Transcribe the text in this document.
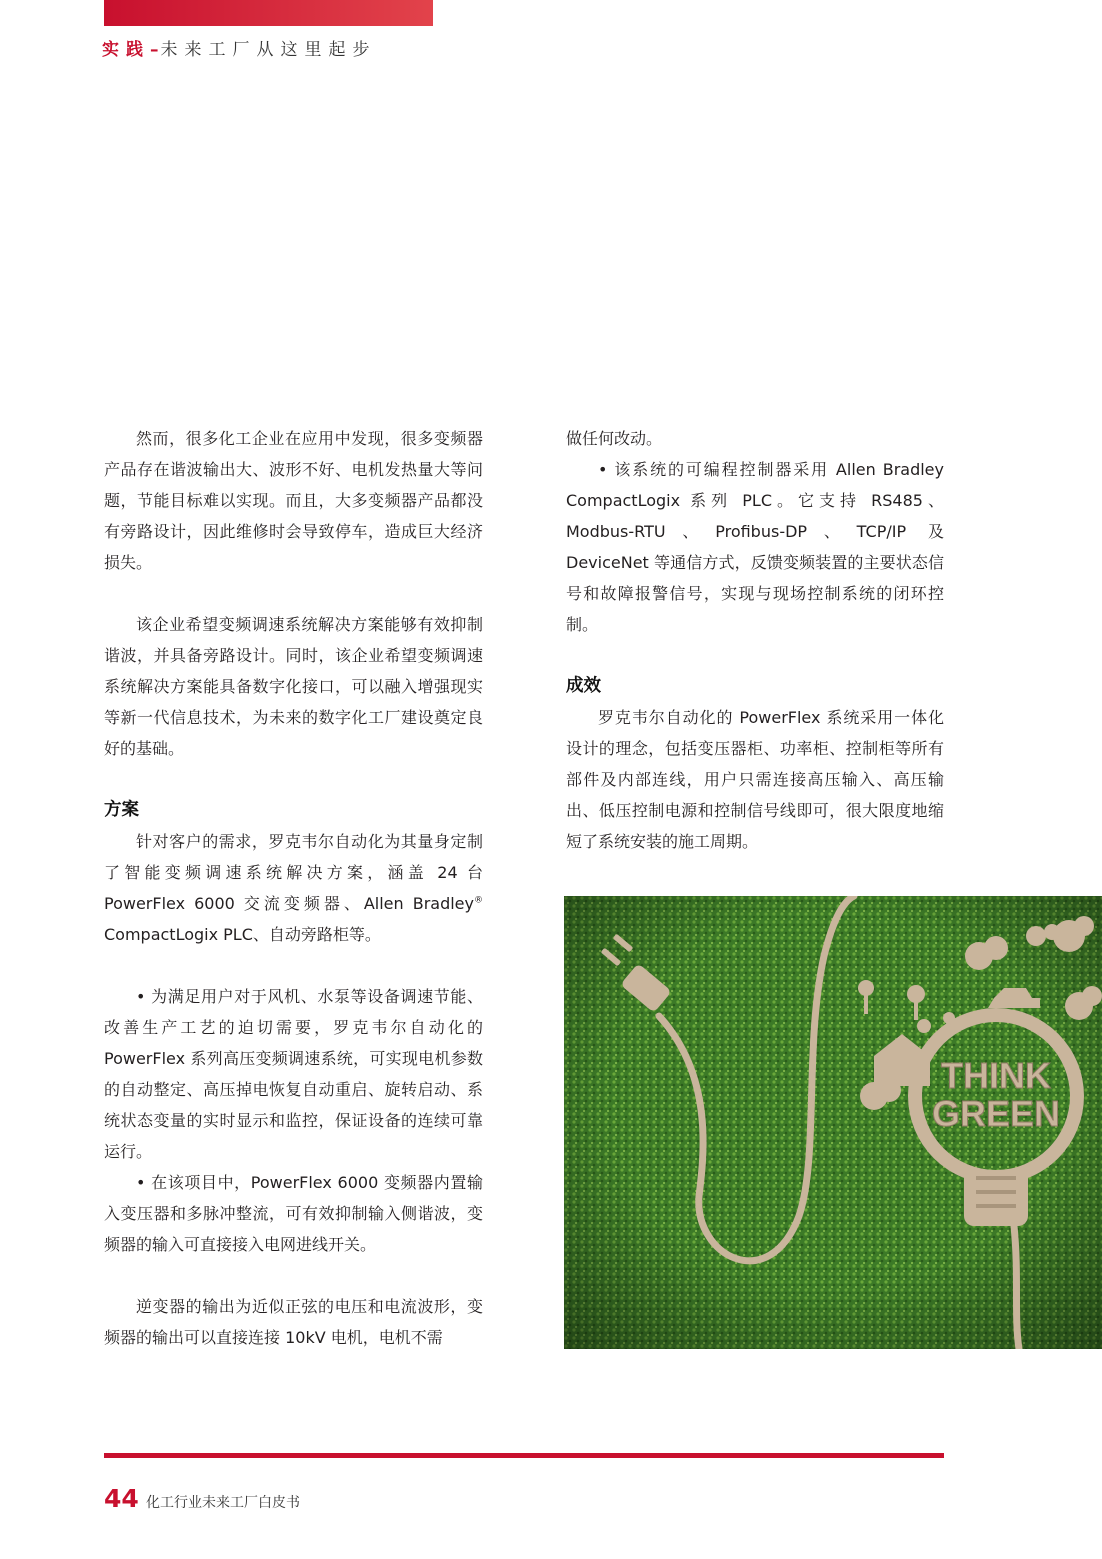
实践–未来工厂从这里起步

然而，很多化工企业在应用中发现，很多变频器产品存在谐波输出大、波形不好、电机发热量大等问题，节能目标难以实现。而且，大多变频器产品都没有旁路设计，因此维修时会导致停车，造成巨大经济损失。

该企业希望变频调速系统解决方案能够有效抑制谐波，并具备旁路设计。同时，该企业希望变频调速系统解决方案能具备数字化接口，可以融入增强现实等新一代信息技术，为未来的数字化工厂建设奠定良好的基础。

方案

针对客户的需求，罗克韦尔自动化为其量身定制了智能变频调速系统解决方案，涵盖 24 台 PowerFlex 6000 交流变频器、Allen Bradley® CompactLogix PLC、自动旁路柜等。

• 为满足用户对于风机、水泵等设备调速节能、改善生产工艺的迫切需要，罗克韦尔自动化的 PowerFlex 系列高压变频调速系统，可实现电机参数的自动整定、高压掉电恢复自动重启、旋转启动、系统状态变量的实时显示和监控，保证设备的连续可靠运行。

• 在该项目中，PowerFlex 6000 变频器内置输入变压器和多脉冲整流，可有效抑制输入侧谐波，变频器的输入可直接接入电网进线开关。

逆变器的输出为近似正弦的电压和电流波形，变频器的输出可以直接连接 10kV 电机，电机不需

做任何改动。

• 该系统的可编程控制器采用 Allen Bradley CompactLogix 系列 PLC。它支持 RS485、Modbus-RTU、Profibus-DP、TCP/IP 及 DeviceNet 等通信方式，反馈变频装置的主要状态信号和故障报警信号，实现与现场控制系统的闭环控制。

成效

罗克韦尔自动化的 PowerFlex 系统采用一体化设计的理念，包括变压器柜、功率柜、控制柜等所有部件及内部连线，用户只需连接高压输入、高压输出、低压控制电源和控制信号线即可，很大限度地缩短了系统安装的施工周期。

THINK
GREEN
44 化工行业未来工厂白皮书
